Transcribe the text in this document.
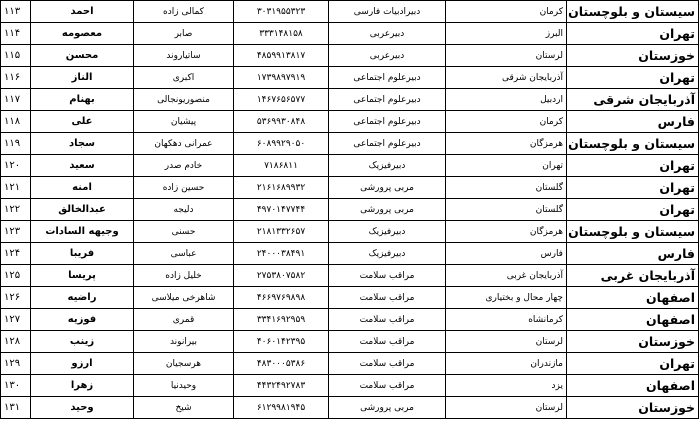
سیستان و بلوچستان	کرمان	دبیرادبیات فارسی	۳۰۳۱۹۵۵۳۲۳	کمالی زاده	احمد	۱۱۳
تهران	البرز	دبیرعربی	۳۳۳۱۴۸۱۵۸	صابر	معصومه	۱۱۴
خوزستان	لرستان	دبیرعربی	۴۸۵۹۹۱۳۸۱۷	ساتیاروند	محسن	۱۱۵
تهران	آذربایجان شرقی	دبیرعلوم اجتماعی	۱۷۳۹۸۹۷۹۱۹	اکبری	الناز	۱۱۶
آذربایجان شرقی	اردبیل	دبیرعلوم اجتماعی	۱۴۶۷۶۵۶۵۷۷	منصوریونجالی	بهنام	۱۱۷
فارس	کرمان	دبیرعلوم اجتماعی	۵۳۶۹۹۳۰۸۴۸	پیشیان	علی	۱۱۸
سیستان و بلوچستان	هرمزگان	دبیرعلوم اجتماعی	۶۰۸۹۹۲۹۰۵۰	عمرانی دهکهان	سجاد	۱۱۹
تهران	تهران	دبیرفیزیک	۷۱۸۶۸۱۱	خادم صدر	سعید	۱۲۰
تهران	گلستان	مربی پرورشی	۲۱۶۱۶۸۹۹۳۲	حسین زاده	امنه	۱۲۱
تهران	گلستان	مربی پرورشی	۴۹۷۰۱۴۷۷۴۴	دلیجه	عبدالخالق	۱۲۲
سیستان و بلوچستان	هرمزگان	دبیرفیزیک	۲۱۸۱۳۳۲۶۵۷	حسنی	وجیهه السادات	۱۲۳
فارس	فارس	دبیرفیزیک	۲۴۰۰۰۳۸۴۹۱	عباسی	فریبا	۱۲۴
آذربایجان غربی	آذربایجان غربی	مراقب سلامت	۲۷۵۳۸۰۷۵۸۲	خلیل زاده	پریسا	۱۲۵
اصفهان	چهار محال و بختیاری	مراقب سلامت	۴۶۶۹۷۶۹۸۹۸	شاهرخی میلاسی	راضیه	۱۲۶
اصفهان	کرمانشاه	مراقب سلامت	۳۳۴۱۶۹۲۹۵۹	قمری	فوزیه	۱۲۷
خوزستان	لرستان	مراقب سلامت	۴۰۶۰۱۴۲۳۹۵	بیرانوند	زینب	۱۲۸
تهران	مازندران	مراقب سلامت	۴۸۳۰۰۰۵۳۸۶	هرسجیان	ارزو	۱۲۹
اصفهان	یزد	مراقب سلامت	۴۴۳۲۴۹۲۷۸۳	وحیدنیا	زهرا	۱۳۰
خوزستان	لرستان	مربی پرورشی	۶۱۲۹۹۸۱۹۴۵	شیخ	وحید	۱۳۱
